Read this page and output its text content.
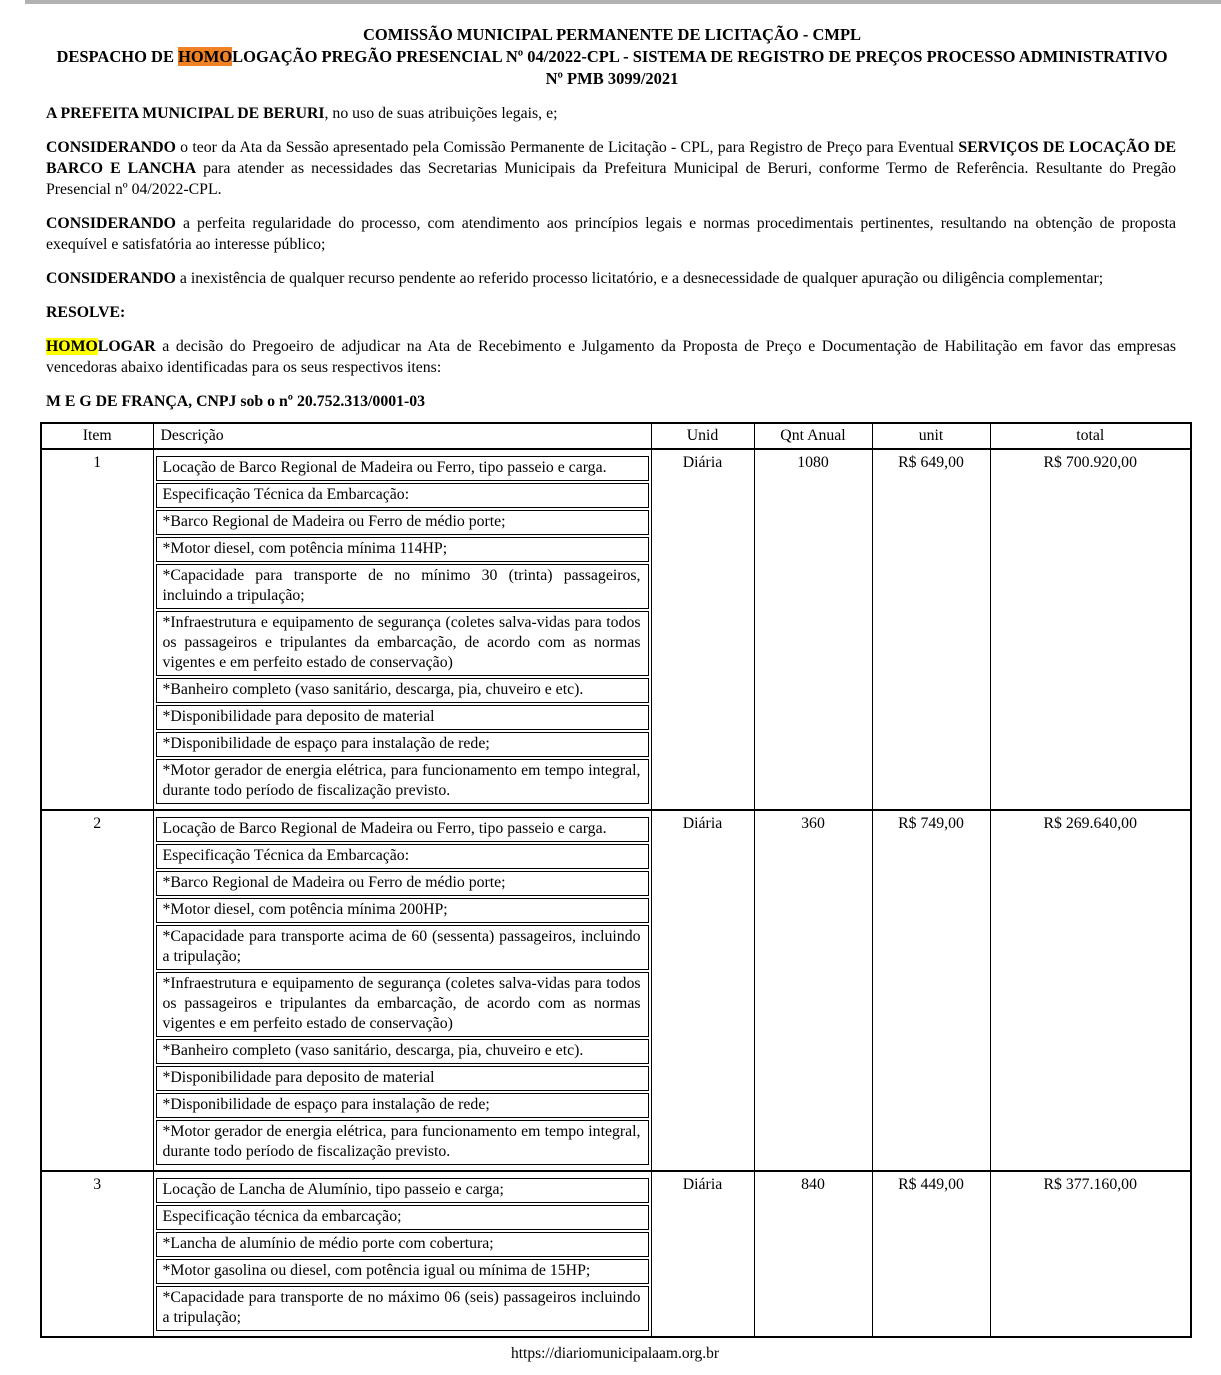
COMISSÃO MUNICIPAL PERMANENTE DE LICITAÇÃO - CMPL
DESPACHO DE HOMOLOGAÇÃO PREGÃO PRESENCIAL Nº 04/2022-CPL - SISTEMA DE REGISTRO DE PREÇOS PROCESSO ADMINISTRATIVO Nº PMB 3099/2021

A PREFEITA MUNICIPAL DE BERURI, no uso de suas atribuições legais, e;

CONSIDERANDO o teor da Ata da Sessão apresentado pela Comissão Permanente de Licitação - CPL, para Registro de Preço para Eventual SERVIÇOS DE LOCAÇÃO DE BARCO E LANCHA para atender as necessidades das Secretarias Municipais da Prefeitura Municipal de Beruri, conforme Termo de Referência. Resultante do Pregão Presencial nº 04/2022-CPL.

CONSIDERANDO a perfeita regularidade do processo, com atendimento aos princípios legais e normas procedimentais pertinentes, resultando na obtenção de proposta exequível e satisfatória ao interesse público;

CONSIDERANDO a inexistência de qualquer recurso pendente ao referido processo licitatório, e a desnecessidade de qualquer apuração ou diligência complementar;

RESOLVE:

HOMOLOGAR a decisão do Pregoeiro de adjudicar na Ata de Recebimento e Julgamento da Proposta de Preço e Documentação de Habilitação em favor das empresas vencedoras abaixo identificadas para os seus respectivos itens:

M E G DE FRANÇA, CNPJ sob o nº 20.752.313/0001-03

Item	Descrição	Unid	Qnt Anual	unit	total
1	Locação de Barco Regional de Madeira ou Ferro, tipo passeio e carga.
Especificação Técnica da Embarcação:
*Barco Regional de Madeira ou Ferro de médio porte;
*Motor diesel, com potência mínima 114HP;
*Capacidade para transporte de no mínimo 30 (trinta) passageiros, incluindo a tripulação;
*Infraestrutura e equipamento de segurança (coletes salva-vidas para todos os passageiros e tripulantes da embarcação, de acordo com as normas vigentes e em perfeito estado de conservação)
*Banheiro completo (vaso sanitário, descarga, pia, chuveiro e etc).
*Disponibilidade para deposito de material
*Disponibilidade de espaço para instalação de rede;
*Motor gerador de energia elétrica, para funcionamento em tempo integral, durante todo período de fiscalização previsto.
	Diária	1080	R$ 649,00	R$ 700.920,00
2	Locação de Barco Regional de Madeira ou Ferro, tipo passeio e carga.
Especificação Técnica da Embarcação:
*Barco Regional de Madeira ou Ferro de médio porte;
*Motor diesel, com potência mínima 200HP;
*Capacidade para transporte acima de 60 (sessenta) passageiros, incluindo a tripulação;
*Infraestrutura e equipamento de segurança (coletes salva-vidas para todos os passageiros e tripulantes da embarcação, de acordo com as normas vigentes e em perfeito estado de conservação)
*Banheiro completo (vaso sanitário, descarga, pia, chuveiro e etc).
*Disponibilidade para deposito de material
*Disponibilidade de espaço para instalação de rede;
*Motor gerador de energia elétrica, para funcionamento em tempo integral, durante todo período de fiscalização previsto.
	Diária	360	R$ 749,00	R$ 269.640,00
3	Locação de Lancha de Alumínio, tipo passeio e carga;
Especificação técnica da embarcação;
*Lancha de alumínio de médio porte com cobertura;
*Motor gasolina ou diesel, com potência igual ou mínima de 15HP;
*Capacidade para transporte de no máximo 06 (seis) passageiros incluindo a tripulação;	Diária	840	R$ 449,00	R$ 377.160,00
https://diariomunicipalaam.org.br
